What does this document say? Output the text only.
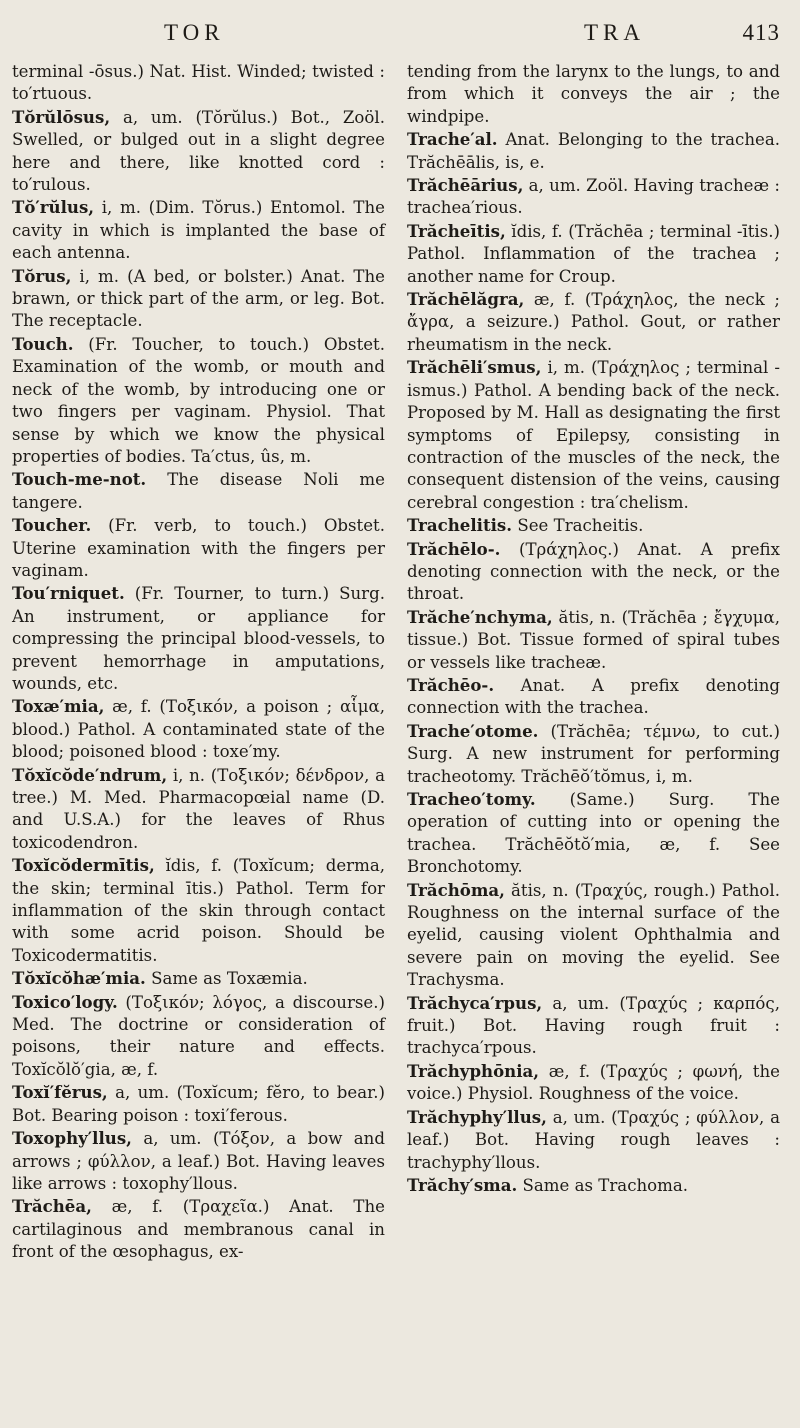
TOR	TRA	413

terminal -ōsus.) Nat. Hist. Winded; twisted : to′rtuous.

Tŏrŭlōsus, a, um. (Tŏrŭlus.) Bot., Zoöl. Swelled, or bulged out in a slight degree here and there, like knotted cord : to′rulous.

Tŏ′rŭlus, i, m. (Dim. Tŏrus.) Entomol. The cavity in which is implanted the base of each antenna.

Tŏrus, i, m. (A bed, or bolster.) Anat. The brawn, or thick part of the arm, or leg. Bot. The receptacle.

Touch. (Fr. Toucher, to touch.) Obstet. Examination of the womb, or mouth and neck of the womb, by introducing one or two fingers per vaginam. Physiol. That sense by which we know the physical properties of bodies. Ta′ctus, ûs, m.

Touch-me-not. The disease Noli me tangere.

Toucher. (Fr. verb, to touch.) Obstet. Uterine examination with the fingers per vaginam.

Tou′rniquet. (Fr. Tourner, to turn.) Surg. An instrument, or appliance for compressing the principal blood-vessels, to prevent hemorrhage in amputations, wounds, etc.

Toxæ′mia, æ, f. (Τοξικόν, a poison ; αἷμα, blood.) Pathol. A contaminated state of the blood; poisoned blood : toxe′my.

Tŏxĭcŏde′ndrum, i, n. (Τοξικόν; δένδρον, a tree.) M. Med. Pharmacopœial name (D. and U.S.A.) for the leaves of Rhus toxicodendron.

Toxĭcŏdermītis, ĭdis, f. (Toxĭcum; derma, the skin; terminal ītis.) Pathol. Term for inflammation of the skin through contact with some acrid poison. Should be Toxicodermatitis.

Tŏxĭcŏhæ′mia. Same as Toxæmia.

Toxico′logy. (Τοξικόν; λόγος, a discourse.) Med. The doctrine or consideration of poisons, their nature and effects. Toxĭcŏlŏ′gia, æ, f.

Toxĭ′fĕrus, a, um. (Toxĭcum; fĕro, to bear.) Bot. Bearing poison : toxi′ferous.

Toxophy′llus, a, um. (Τόξον, a bow and arrows ; φύλλον, a leaf.) Bot. Having leaves like arrows : toxophy′llous.

Trăchēa, æ, f. (Τραχεῖα.) Anat. The cartilaginous and membranous canal in front of the œsophagus, ex-

tending from the larynx to the lungs, to and from which it conveys the air ; the windpipe.

Trache′al. Anat. Belonging to the trachea. Trăchēālis, is, e.

Trăchēārius, a, um. Zoöl. Having tracheæ : trachea′rious.

Trăcheītis, ĭdis, f. (Trăchēa ; terminal -ītis.) Pathol. Inflammation of the trachea ; another name for Croup.

Trăchēlăgra, æ, f. (Τράχηλος, the neck ; ἄγρα, a seizure.) Pathol. Gout, or rather rheumatism in the neck.

Trăchēli′smus, i, m. (Τράχηλος ; terminal -ismus.) Pathol. A bending back of the neck. Proposed by M. Hall as designating the first symptoms of Epilepsy, consisting in contraction of the muscles of the neck, the consequent distension of the veins, causing cerebral congestion : tra′chelism.

Trachelitis. See Tracheitis.

Trăchēlo-. (Τράχηλος.) Anat. A prefix denoting connection with the neck, or the throat.

Trăche′nchyma, ătis, n. (Trăchēa ; ἔγχυμα, tissue.) Bot. Tissue formed of spiral tubes or vessels like tracheæ.

Trăchēo-. Anat. A prefix denoting connection with the trachea.

Trache′otome. (Trăchēa; τέμνω, to cut.) Surg. A new instrument for performing tracheotomy. Trăchēŏ′tŏmus, i, m.

Tracheo′tomy. (Same.) Surg. The operation of cutting into or opening the trachea. Trăchēŏtŏ′mia, æ, f. See Bronchotomy.

Trăchōma, ătis, n. (Τραχύς, rough.) Pathol. Roughness on the internal surface of the eyelid, causing violent Ophthalmia and severe pain on moving the eyelid. See Trachysma.

Trăchyca′rpus, a, um. (Τραχύς ; καρπός, fruit.) Bot. Having rough fruit : trachyca′rpous.

Trăchyphōnia, æ, f. (Τραχύς ; φωνή, the voice.) Physiol. Roughness of the voice.

Trăchyphy′llus, a, um. (Τραχύς ; φύλλον, a leaf.) Bot. Having rough leaves : trachyphy′llous.

Trăchy′sma. Same as Trachoma.
